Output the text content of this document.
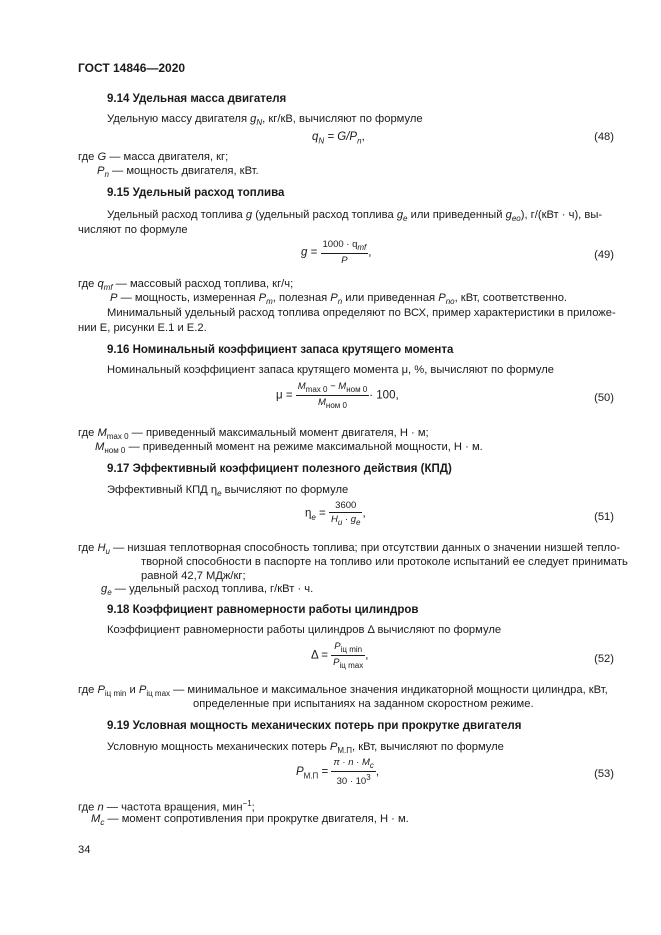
ГОСТ 14846—2020
9.14 Удельная масса двигателя
Удельную массу двигателя $g_N$, кг/кВ, вычисляют по формуле
$q_N = G/P_n$,	(48)
где G — масса двигателя, кг;
$P_n$ — мощность двигателя, кВт.
9.15 Удельный расход топлива
Удельный расход топлива g (удельный расход топлива $g_e$ или приведенный $g_{eo}$), г/(кВт · ч), вы-
числяют по формуле
$g = \frac{1000 \cdot q_{mf}}{P}$ ,	(49)
где $q_{mf}$ — массовый расход топлива, кг/ч;
P — мощность, измеренная $P_m$, полезная $P_n$ или приведенная $P_{no}$, кВт, соответственно.
Минимальный удельный расход топлива определяют по ВСХ, пример характеристики в приложе-
нии Е, рисунки Е.1 и Е.2.
9.16 Номинальный коэффициент запаса крутящего момента
Номинальный коэффициент запаса крутящего момента μ, %, вычисляют по формуле
$\mu = \frac{M_{max 0} - M_{ном 0}}{M_{ном 0}} \cdot 100$,	(50)
где $M_{max 0}$ — приведенный максимальный момент двигателя, Н · м;
$M_{ном 0}$ — приведенный момент на режиме максимальной мощности, Н · м.
9.17 Эффективный коэффициент полезного действия (КПД)
Эффективный КПД $\eta_e$ вычисляют по формуле
$\eta_e = \frac{3600}{H_u \cdot g_e}$ ,	(51)
где $H_u$ — низшая теплотворная способность топлива; при отсутствии данных о значении низшей тепло-
творной способности в паспорте на топливо или протоколе испытаний ее следует принимать
равной 42,7 МДж/кг;
$g_e$ — удельный расход топлива, г/кВт · ч.
9.18 Коэффициент равномерности работы цилиндров
Коэффициент равномерности работы цилиндров Δ вычисляют по формуле
$\Delta = \frac{P_{iц min}}{P_{iц max}}$ ,	(52)
где $P_{iц min}$ и $P_{iц max}$ — минимальное и максимальное значения индикаторной мощности цилиндра, кВт,
определенные при испытаниях на заданном скоростном режиме.
9.19 Условная мощность механических потерь при прокрутке двигателя
Условную мощность механических потерь $P_{М.П}$, кВт, вычисляют по формуле
$P_{М.П} = \frac{\pi \cdot n \cdot M_c}{30 \cdot 10^3}$ ,	(53)
где n — частота вращения, мин$^{-1}$;
$M_c$ — момент сопротивления при прокрутке двигателя, Н · м.
34
